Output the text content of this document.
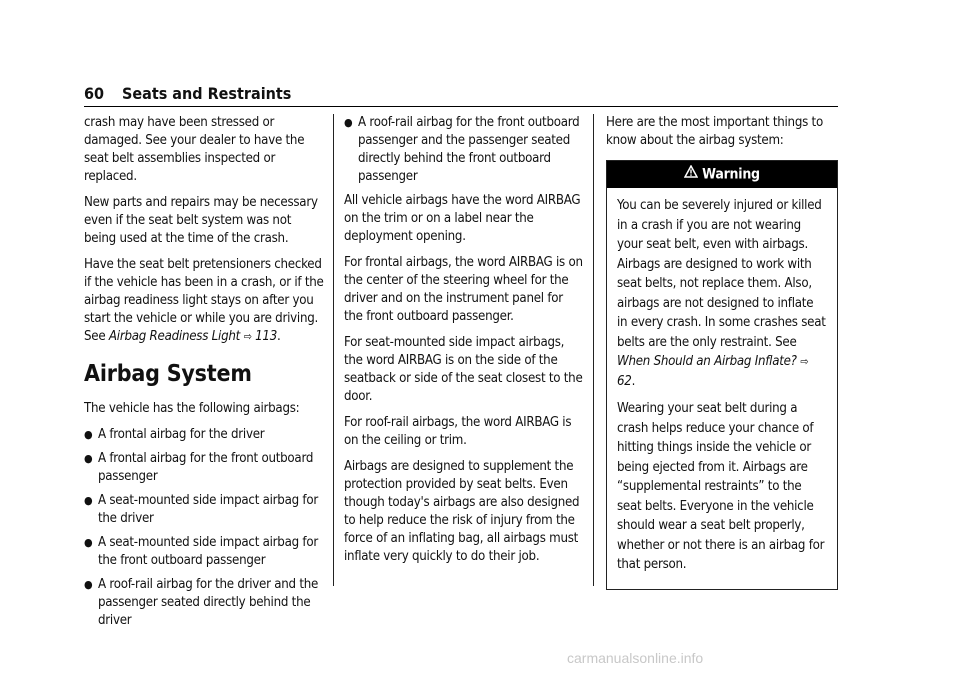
60 Seats and Restraints

crash may have been stressed or damaged. See your dealer to have the seat belt assemblies inspected or replaced.

New parts and repairs may be necessary even if the seat belt system was not being used at the time of the crash.

Have the seat belt pretensioners checked if the vehicle has been in a crash, or if the airbag readiness light stays on after you start the vehicle or while you are driving. See Airbag Readiness Light ⇨ 113.

Airbag System

The vehicle has the following airbags:

● A frontal airbag for the driver
● A frontal airbag for the front outboard passenger
● A seat-mounted side impact airbag for the driver
● A seat-mounted side impact airbag for the front outboard passenger
● A roof-rail airbag for the driver and the passenger seated directly behind the driver
● A roof-rail airbag for the front outboard passenger and the passenger seated directly behind the front outboard passenger

All vehicle airbags have the word AIRBAG on the trim or on a label near the deployment opening.

For frontal airbags, the word AIRBAG is on the center of the steering wheel for the driver and on the instrument panel for the front outboard passenger.

For seat-mounted side impact airbags, the word AIRBAG is on the side of the seatback or side of the seat closest to the door.

For roof-rail airbags, the word AIRBAG is on the ceiling or trim.

Airbags are designed to supplement the protection provided by seat belts. Even though today's airbags are also designed to help reduce the risk of injury from the force of an inflating bag, all airbags must inflate very quickly to do their job.

Here are the most important things to know about the airbag system:

Warning

You can be severely injured or killed in a crash if you are not wearing your seat belt, even with airbags. Airbags are designed to work with seat belts, not replace them. Also, airbags are not designed to inflate in every crash. In some crashes seat belts are the only restraint. See When Should an Airbag Inflate? ⇨ 62.

Wearing your seat belt during a crash helps reduce your chance of hitting things inside the vehicle or being ejected from it. Airbags are “supplemental restraints” to the seat belts. Everyone in the vehicle should wear a seat belt properly, whether or not there is an airbag for that person.

carmanualsonline.info
